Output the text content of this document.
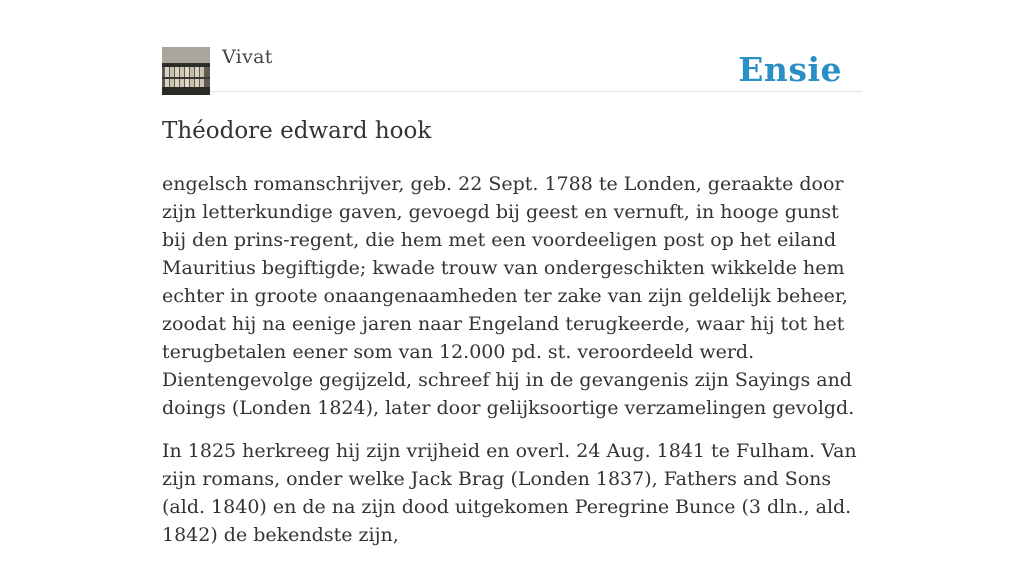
Vivat	Ensie
Théodore edward hook

engelsch romanschrijver, geb. 22 Sept. 1788 te Londen, geraakte door zijn letterkundige gaven, gevoegd bij geest en vernuft, in hooge gunst bij den prins-regent, die hem met een voordeeligen post op het eiland Mauritius begiftigde; kwade trouw van ondergeschikten wikkelde hem echter in groote onaangenaamheden ter zake van zijn geldelijk beheer, zoodat hij na eenige jaren naar Engeland terugkeerde, waar hij tot het terugbetalen eener som van 12.000 pd. st. veroordeeld werd. Dientengevolge gegijzeld, schreef hij in de gevangenis zijn Sayings and doings (Londen 1824), later door gelijksoortige verzamelingen gevolgd.

In 1825 herkreeg hij zijn vrijheid en overl. 24 Aug. 1841 te Fulham. Van zijn romans, onder welke Jack Brag (Londen 1837), Fathers and Sons (ald. 1840) en de na zijn dood uitgekomen Peregrine Bunce (3 dln., ald. 1842) de bekendste zijn,
